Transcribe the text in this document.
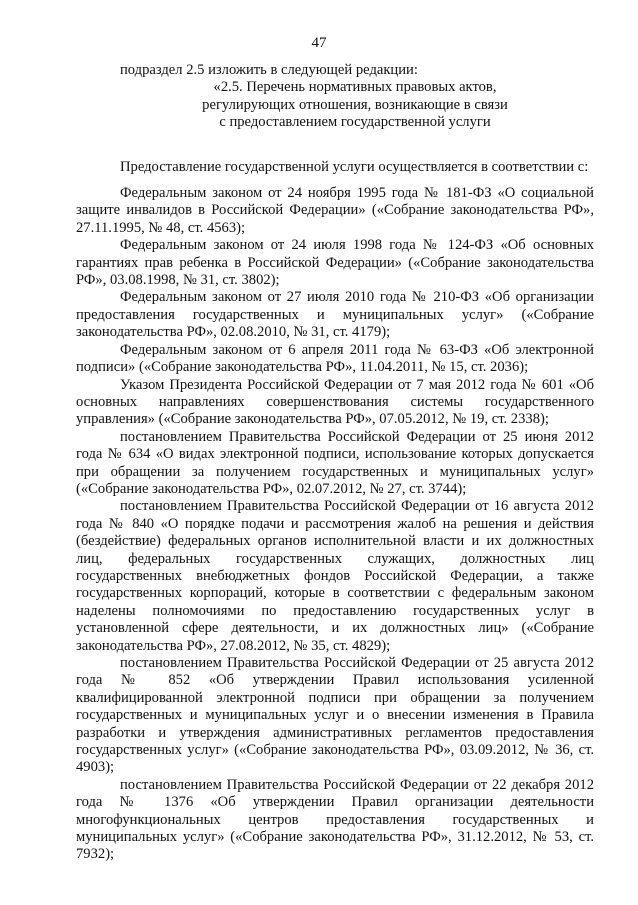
47

подраздел 2.5 изложить в следующей редакции:

«2.5. Перечень нормативных правовых актов,
регулирующих отношения, возникающие в связи
с предоставлением государственной услуги

Предоставление государственной услуги осуществляется в соответствии с:

Федеральным законом от 24 ноября 1995 года № 181-ФЗ «О социальной защите инвалидов в Российской Федерации» («Собрание законодательства РФ», 27.11.1995, № 48, ст. 4563);

Федеральным законом от 24 июля 1998 года № 124-ФЗ «Об основных гарантиях прав ребенка в Российской Федерации» («Собрание законодательства РФ», 03.08.1998, № 31, ст. 3802);

Федеральным законом от 27 июля 2010 года № 210-ФЗ «Об организации предоставления государственных и муниципальных услуг» («Собрание законодательства РФ», 02.08.2010, № 31, ст. 4179);

Федеральным законом от 6 апреля 2011 года № 63-ФЗ «Об электронной подписи» («Собрание законодательства РФ», 11.04.2011, № 15, ст. 2036);

Указом Президента Российской Федерации от 7 мая 2012 года № 601 «Об основных направлениях совершенствования системы государственного управления» («Собрание законодательства РФ», 07.05.2012, № 19, ст. 2338);

постановлением Правительства Российской Федерации от 25 июня 2012 года № 634 «О видах электронной подписи, использование которых допускается при обращении за получением государственных и муниципальных услуг» («Собрание законодательства РФ», 02.07.2012, № 27, ст. 3744);

постановлением Правительства Российской Федерации от 16 августа 2012 года № 840 «О порядке подачи и рассмотрения жалоб на решения и действия (бездействие) федеральных органов исполнительной власти и их должностных лиц, федеральных государственных служащих, должностных лиц государственных внебюджетных фондов Российской Федерации, а также государственных корпораций, которые в соответствии с федеральным законом наделены полномочиями по предоставлению государственных услуг в установленной сфере деятельности, и их должностных лиц» («Собрание законодательства РФ», 27.08.2012, № 35, ст. 4829);

постановлением Правительства Российской Федерации от 25 августа 2012 года № 852 «Об утверждении Правил использования усиленной квалифицированной электронной подписи при обращении за получением государственных и муниципальных услуг и о внесении изменения в Правила разработки и утверждения административных регламентов предоставления государственных услуг» («Собрание законодательства РФ», 03.09.2012, № 36, ст. 4903);

постановлением Правительства Российской Федерации от 22 декабря 2012 года № 1376 «Об утверждении Правил организации деятельности многофункциональных центров предоставления государственных и муниципальных услуг» («Собрание законодательства РФ», 31.12.2012, № 53, ст. 7932);
